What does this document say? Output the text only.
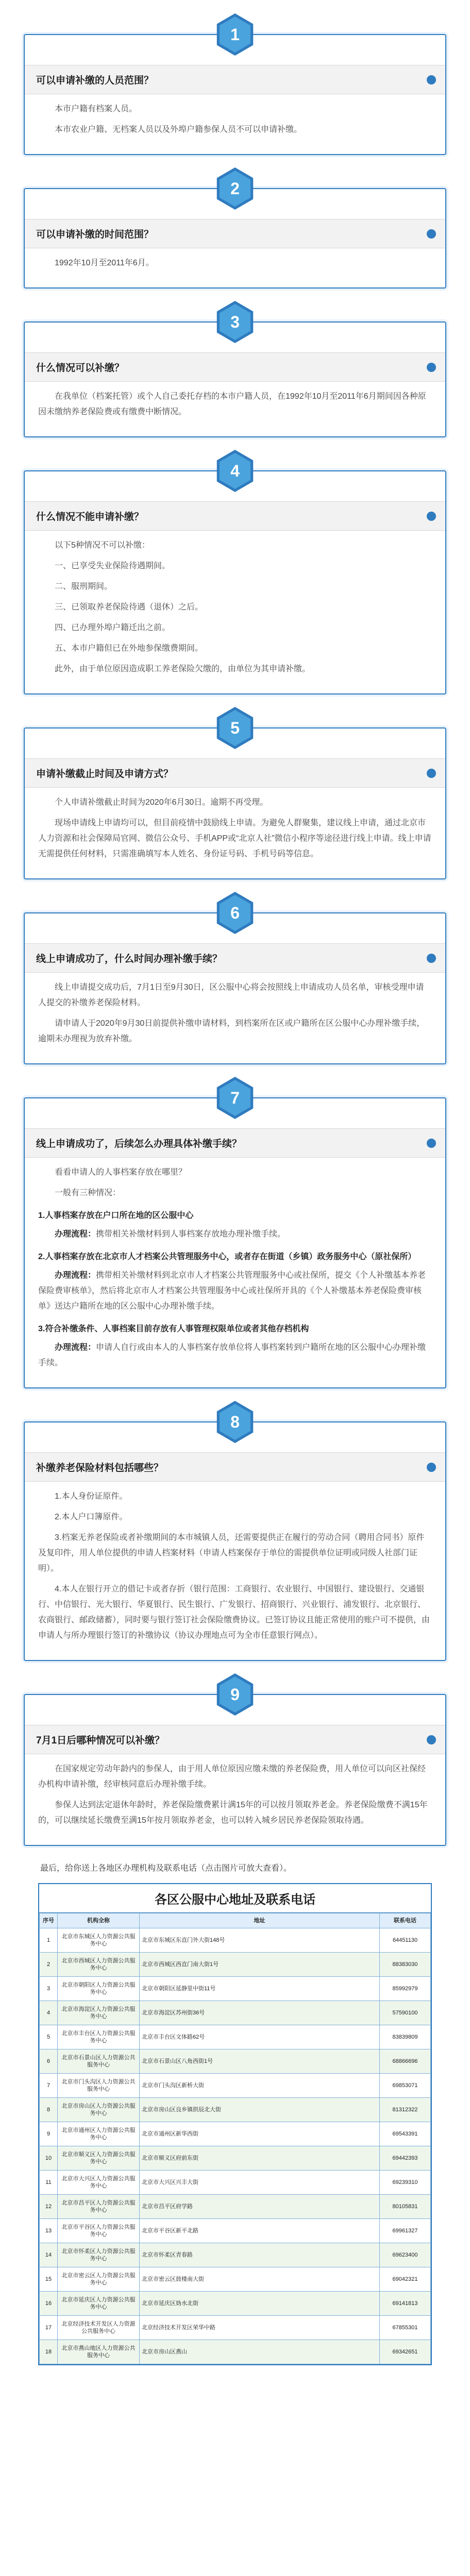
1
可以申请补缴的人员范围？

本市户籍有档案人员。

本市农业户籍、无档案人员以及外埠户籍参保人员不可以申请补缴。

2
可以申请补缴的时间范围？

1992年10月至2011年6月。

3
什么情况可以补缴？

在我单位（档案托管）或个人自己委托存档的本市户籍人员，在1992年10月至2011年6月期间因各种原因未缴纳养老保险费或有缴费中断情况。

4
什么情况不能申请补缴？

以下5种情况不可以补缴：

一、已享受失业保险待遇期间。

二、服刑期间。

三、已领取养老保险待遇（退休）之后。

四、已办理外埠户籍迁出之前。

五、本市户籍但已在外地参保缴费期间。

此外，由于单位原因造成职工养老保险欠缴的，由单位为其申请补缴。

5
申请补缴截止时间及申请方式？

个人申请补缴截止时间为2020年6月30日。逾期不再受理。

现场申请线上申请均可以，但目前疫情中鼓励线上申请。为避免人群聚集，建议线上申请，通过北京市人力资源和社会保障局官网、微信公众号、手机APP或“北京人社”微信小程序等途径进行线上申请。线上申请无需提供任何材料，只需准确填写本人姓名、身份证号码、手机号码等信息。

6
线上申请成功了，什么时间办理补缴手续？

线上申请提交成功后，7月1日至9月30日，区公服中心将会按照线上申请成功人员名单，审核受理申请人提交的补缴养老保险材料。

请申请人于2020年9月30日前提供补缴申请材料，到档案所在区或户籍所在区公服中心办理补缴手续，逾期未办理视为放弃补缴。

7
线上申请成功了，后续怎么办理具体补缴手续？

看看申请人的人事档案存放在哪里？

一般有三种情况：

1.人事档案存放在户口所在地的区公服中心

办理流程：携带相关补缴材料到人事档案存放地办理补缴手续。

2.人事档案存放在北京市人才档案公共管理服务中心，或者存在街道（乡镇）政务服务中心（原社保所）

办理流程：携带相关补缴材料到北京市人才档案公共管理服务中心或社保所，提交《个人补缴基本养老保险费审核单》，然后将北京市人才档案公共管理服务中心或社保所开具的《个人补缴基本养老保险费审核单》送达户籍所在地的区公服中心办理补缴手续。

3.符合补缴条件、人事档案目前存放有人事管理权限单位或者其他存档机构

办理流程：申请人自行或由本人的人事档案存放单位将人事档案转到户籍所在地的区公服中心办理补缴手续。

8
补缴养老保险材料包括哪些？

1.本人身份证原件。

2.本人户口簿原件。

3.档案无养老保险或者补缴期间的本市城镇人员，还需要提供正在履行的劳动合同（聘用合同书）原件及复印件，用人单位提供的申请人档案材料（申请人档案保存于单位的需提供单位证明或同级人社部门证明）。

4.本人在银行开立的借记卡或者存折（银行范围：工商银行、农业银行、中国银行、建设银行、交通银行、中信银行、光大银行、华夏银行、民生银行、广发银行、招商银行、兴业银行、浦发银行、北京银行、农商银行、邮政储蓄），同时要与银行签订社会保险缴费协议。已签订协议且能正常使用的账户可不提供，由申请人与所办理银行签订的补缴协议（协议办理地点可为全市任意银行网点）。

9
7月1日后哪种情况可以补缴？

在国家规定劳动年龄内的参保人，由于用人单位原因应缴未缴的养老保险费，用人单位可以向区社保经办机构申请补缴，经审核同意后办理补缴手续。

参保人达到法定退休年龄时，养老保险缴费累计满15年的可以按月领取养老金。养老保险缴费不满15年的，可以继续延长缴费至满15年按月领取养老金，也可以转入城乡居民养老保险领取待遇。

最后，给你送上各地区办理机构及联系电话（点击图片可放大查看）。
各区公服中心地址及联系电话
序号	机构全称	地址	联系电话
1	北京市东城区人力资源公共服务中心	北京市东城区东直门外大街148号	64451130
2	北京市西城区人力资源公共服务中心	北京市西城区西直门南大街1号	88383030
3	北京市朝阳区人力资源公共服务中心	北京市朝阳区延静里中街11号	85992979
4	北京市海淀区人力资源公共服务中心	北京市海淀区苏州街36号	57590100
5	北京市丰台区人力资源公共服务中心	北京市丰台区文体路62号	83839809
6	北京市石景山区人力资源公共服务中心	北京市石景山区八角西街1号	68866696
7	北京市门头沟区人力资源公共服务中心	北京市门头沟区新桥大街	69853071
8	北京市房山区人力资源公共服务中心	北京市房山区良乡镇拱辰北大街	81312322
9	北京市通州区人力资源公共服务中心	北京市通州区新华西街	69543391
10	北京市顺义区人力资源公共服务中心	北京市顺义区府前东街	69442393
11	北京市大兴区人力资源公共服务中心	北京市大兴区兴丰大街	69239310
12	北京市昌平区人力资源公共服务中心	北京市昌平区府学路	80105831
13	北京市平谷区人力资源公共服务中心	北京市平谷区新平北路	69961327
14	北京市怀柔区人力资源公共服务中心	北京市怀柔区青春路	69623400
15	北京市密云区人力资源公共服务中心	北京市密云区鼓楼南大街	69042321
16	北京市延庆区人力资源公共服务中心	北京市延庆区妫水北街	69141813
17	北京经济技术开发区人力资源公共服务中心	北京经济技术开发区荣华中路	67855301
18	北京市燕山地区人力资源公共服务中心	北京市房山区燕山	69342651
